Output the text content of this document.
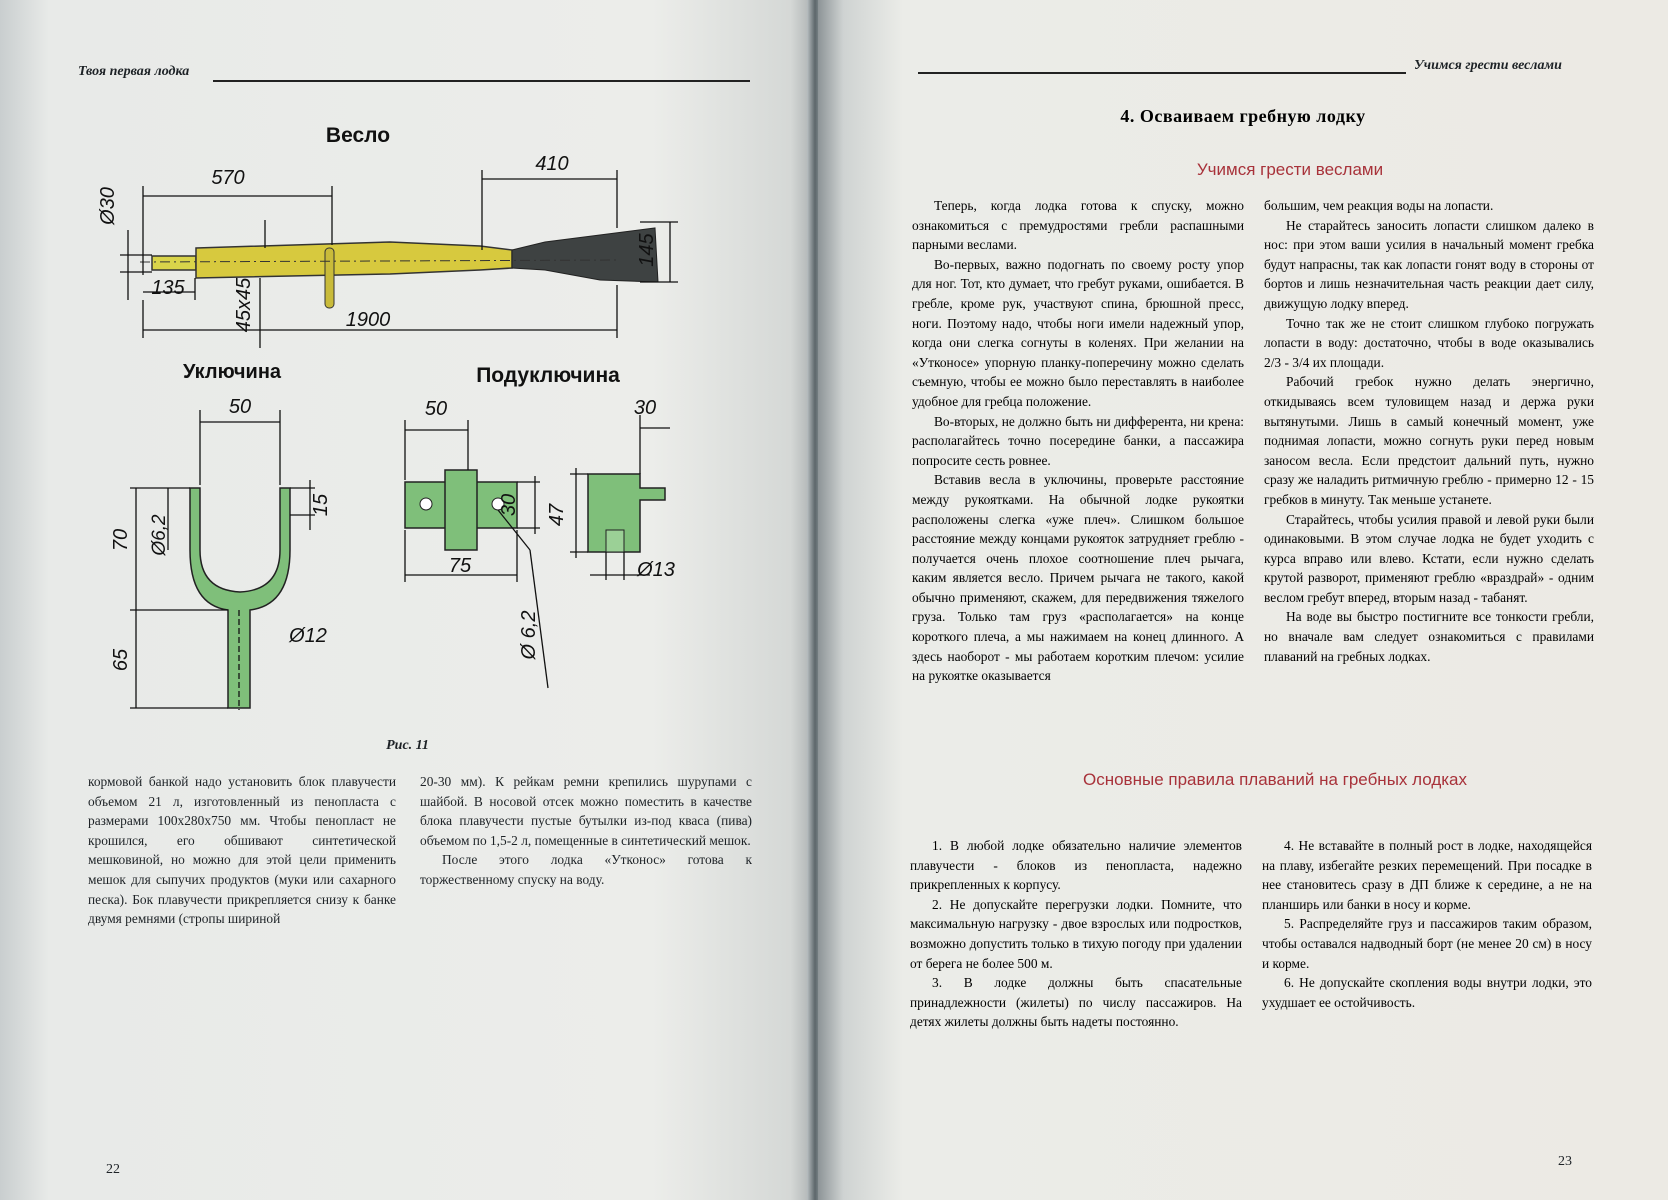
Твоя первая лодка
Весло
570
410
145
Ø30
135 45x45	1900
Уключина
50
70 Ø6,2
15
65
Ø12
Подуключина
50	30
75
30 47
Ø13
Ø 6,2
Рис. 11

кормовой банкой надо установить блок плавучести объемом 21 л, изготовленный из пенопласта с размерами 100x280x750 мм. Чтобы пенопласт не крошился, его обшивают синтетической мешковиной, но можно для этой цели применить мешок для сыпучих продуктов (муки или сахарного песка). Бок плавучести прикрепляется снизу к банке двумя ремнями (стропы шириной

20-30 мм). К рейкам ремни крепились шурупами с шайбой. В носовой отсек можно поместить в качестве блока плавучести пустые бутылки из-под кваса (пива) объемом по 1,5-2 л, помещенные в синтетический мешок.

После этого лодка «Утконос» готова к торжественному спуску на воду.

22
Учимся грести веслами
23
4. Осваиваем гребную лодку
Учимся грести веслами

Теперь, когда лодка готова к спуску, можно ознакомиться с премудростями гребли распашными парными веслами.

Во-первых, важно подогнать по своему росту упор для ног. Тот, кто думает, что гребут руками, ошибается. В гребле, кроме рук, участвуют спина, брюшной пресс, ноги. Поэтому надо, чтобы ноги имели надежный упор, когда они слегка согнуты в коленях. При желании на «Утконосе» упорную планку-поперечину можно сделать съемную, чтобы ее можно было переставлять в наиболее удобное для гребца положение.

Во-вторых, не должно быть ни дифферента, ни крена: располагайтесь точно посередине банки, а пассажира попросите сесть ровнее.

Вставив весла в уключины, проверьте расстояние между рукоятками. На обычной лодке рукоятки расположены слегка «уже плеч». Слишком большое расстояние между концами рукояток затрудняет греблю - получается очень плохое соотношение плеч рычага, каким является весло. Причем рычага не такого, какой обычно применяют, скажем, для передвижения тяжелого груза. Только там груз «располагается» на конце короткого плеча, а мы нажимаем на конец длинного. А здесь наоборот - мы работаем коротким плечом: усилие на рукоятке оказывается

большим, чем реакция воды на лопасти.

Не старайтесь заносить лопасти слишком далеко в нос: при этом ваши усилия в начальный момент гребка будут напрасны, так как лопасти гонят воду в стороны от бортов и лишь незначительная часть реакции дает силу, движущую лодку вперед.

Точно так же не стоит слишком глубоко погружать лопасти в воду: достаточно, чтобы в воде оказывались 2/3 - 3/4 их площади.

Рабочий гребок нужно делать энергично, откидываясь всем туловищем назад и держа руки вытянутыми. Лишь в самый конечный момент, уже поднимая лопасти, можно согнуть руки перед новым заносом весла. Если предстоит дальний путь, нужно сразу же наладить ритмичную греблю - примерно 12 - 15 гребков в минуту. Так меньше устанете.

Старайтесь, чтобы усилия правой и левой руки были одинаковыми. В этом случае лодка не будет уходить с курса вправо или влево. Кстати, если нужно сделать крутой разворот, применяют греблю «враздрай» - одним веслом гребут вперед, вторым назад - табанят.

На воде вы быстро постигните все тонкости гребли, но вначале вам следует ознакомиться с правилами плаваний на гребных лодках.

Основные правила плаваний на гребных лодках

1. В любой лодке обязательно наличие элементов плавучести - блоков из пенопласта, надежно прикрепленных к корпусу.

2. Не допускайте перегрузки лодки. Помните, что максимальную нагрузку - двое взрослых или подростков, возможно допустить только в тихую погоду при удалении от берега не более 500 м.

3. В лодке должны быть спасательные принадлежности (жилеты) по числу пассажиров. На детях жилеты должны быть надеты постоянно.

4. Не вставайте в полный рост в лодке, находящейся на плаву, избегайте резких перемещений. При посадке в нее становитесь сразу в ДП ближе к середине, а не на планширь или банки в носу и корме.

5. Распределяйте груз и пассажиров таким образом, чтобы оставался надводный борт (не менее 20 см) в носу и корме.

6. Не допускайте скопления воды внутри лодки, это ухудшает ее остойчивость.
